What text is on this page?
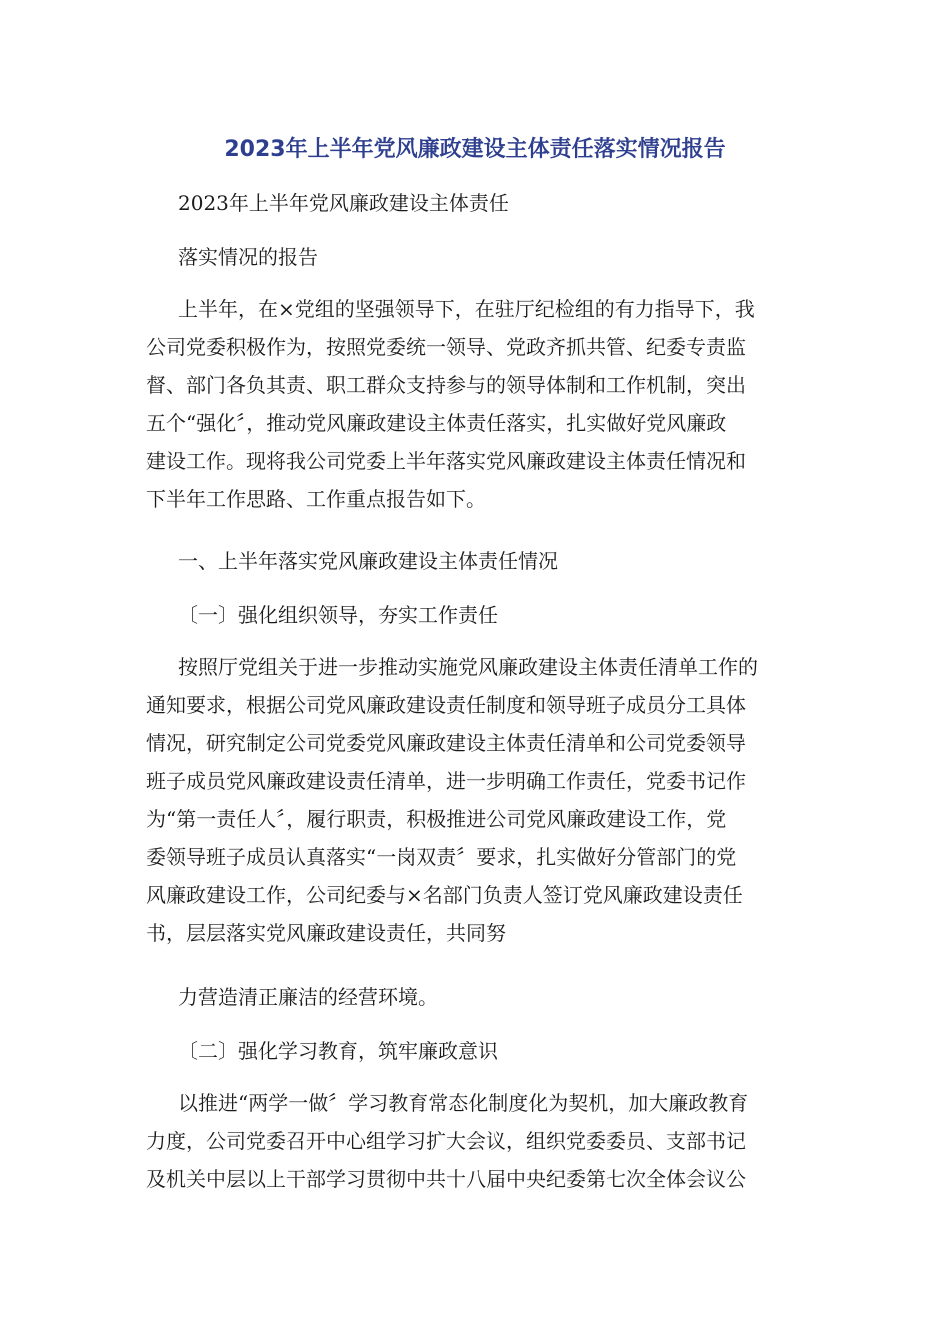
2023年上半年党风廉政建设主体责任落实情况报告

2023年上半年党风廉政建设主体责任

落实情况的报告

上半年，在×党组的坚强领导下，在驻厅纪检组的有力指导下，我
公司党委积极作为，按照党委统一领导、党政齐抓共管、纪委专责监
督、部门各负其责、职工群众支持参与的领导体制和工作机制，突出
五个“强化〞，推动党风廉政建设主体责任落实，扎实做好党风廉政
建设工作。现将我公司党委上半年落实党风廉政建设主体责任情况和
下半年工作思路、工作重点报告如下。

一、上半年落实党风廉政建设主体责任情况

〔一〕强化组织领导，夯实工作责任

按照厅党组关于进一步推动实施党风廉政建设主体责任清单工作的
通知要求，根据公司党风廉政建设责任制度和领导班子成员分工具体
情况，研究制定公司党委党风廉政建设主体责任清单和公司党委领导
班子成员党风廉政建设责任清单，进一步明确工作责任，党委书记作
为“第一责任人〞，履行职责，积极推进公司党风廉政建设工作，党
委领导班子成员认真落实“一岗双责〞要求，扎实做好分管部门的党
风廉政建设工作，公司纪委与×名部门负责人签订党风廉政建设责任
书，层层落实党风廉政建设责任，共同努

力营造清正廉洁的经营环境。

〔二〕强化学习教育，筑牢廉政意识

以推进“两学一做〞学习教育常态化制度化为契机，加大廉政教育
力度，公司党委召开中心组学习扩大会议，组织党委委员、支部书记
及机关中层以上干部学习贯彻中共十八届中央纪委第七次全体会议公
